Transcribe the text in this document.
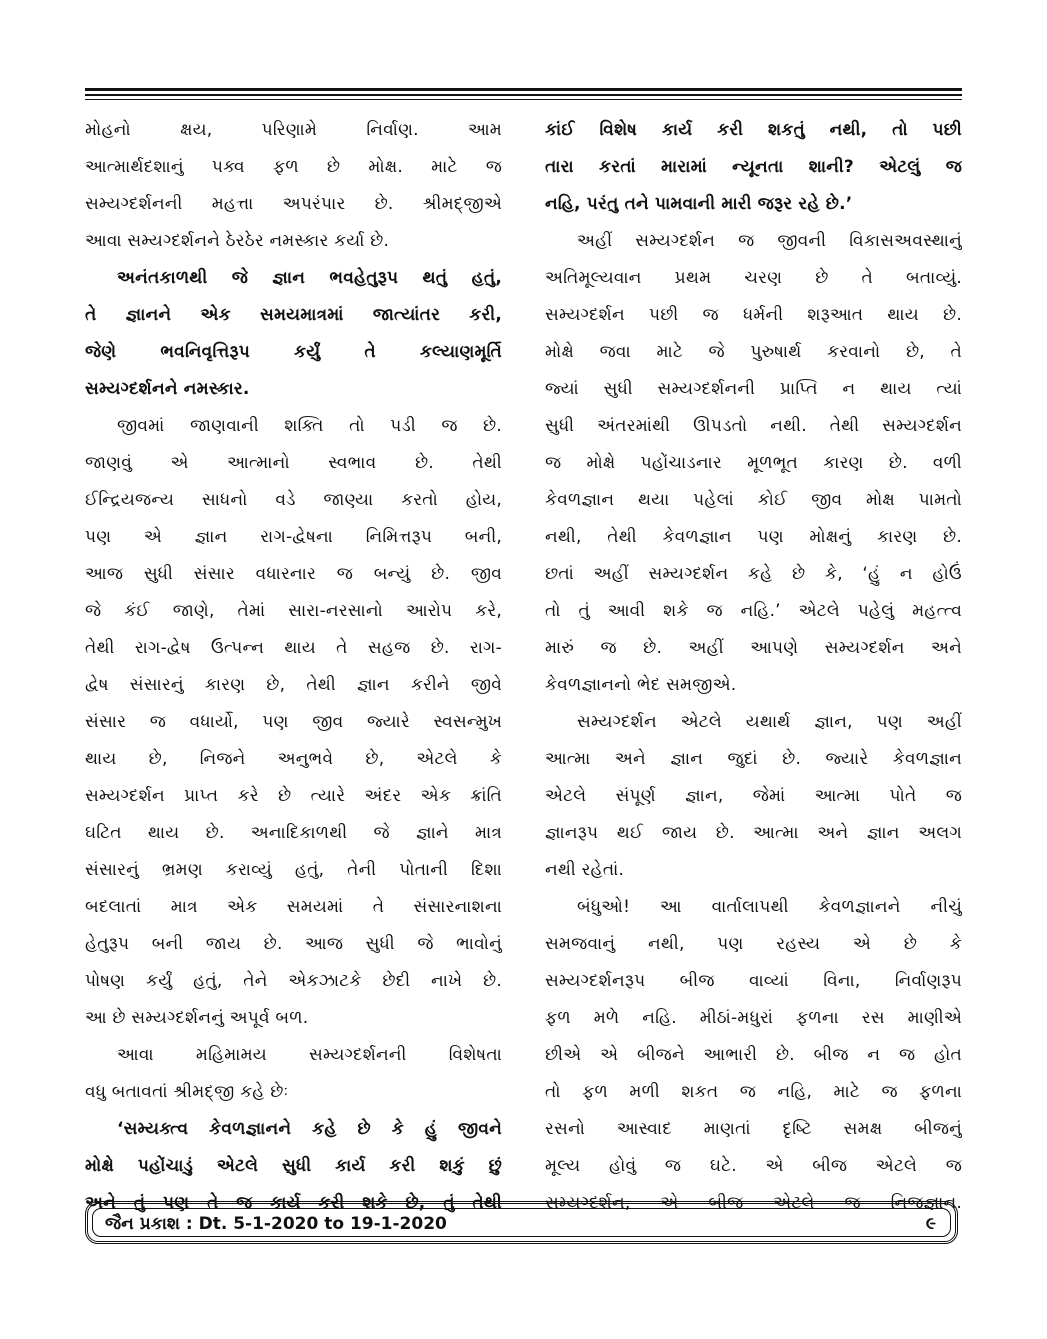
મોહનો ક્ષય, પરિણામે નિર્વાણ. આમ
આત્માર્થદશાનું પક્વ ફળ છે મોક્ષ. માટે જ
સમ્યગ્દર્શનની મહત્તા અપરંપાર છે. શ્રીમદ્જીએ
આવા સમ્યગ્દર્શનને ઠેરઠેર નમસ્કાર કર્યા છે.
અનંતકાળથી જે જ્ઞાન ભવહેતુરૂપ થતું હતું,
તે જ્ઞાનને એક સમયમાત્રમાં જાત્યાંતર કરી,
જેણે ભવનિવૃત્તિરૂપ કર્યું તે કલ્યાણમૂર્તિ
સમ્યગ્દર્શનને નમસ્કાર.
જીવમાં જાણવાની શક્તિ તો પડી જ છે.
જાણવું એ આત્માનો સ્વભાવ છે. તેથી
ઈન્દ્રિયજન્ય સાધનો વડે જાણ્યા કરતો હોય,
પણ એ જ્ઞાન રાગ-દ્વેષના નિમિત્તરૂપ બની,
આજ સુધી સંસાર વધારનાર જ બન્યું છે. જીવ
જે કંઈ જાણે, તેમાં સારા-નરસાનો આરોપ કરે,
તેથી રાગ-દ્વેષ ઉત્પન્ન થાય તે સહજ છે. રાગ-
દ્વેષ સંસારનું કારણ છે, તેથી જ્ઞાન કરીને જીવે
સંસાર જ વધાર્યો, પણ જીવ જ્યારે સ્વસન્મુખ
થાય છે, નિજને અનુભવે છે, એટલે કે
સમ્યગ્દર્શન પ્રાપ્ત કરે છે ત્યારે અંદર એક ક્રાંતિ
ઘટિત થાય છે. અનાદિકાળથી જે જ્ઞાને માત્ર
સંસારનું ભ્રમણ કરાવ્યું હતું, તેની પોતાની દિશા
બદલાતાં માત્ર એક સમયમાં તે સંસારનાશના
હેતુરૂપ બની જાય છે. આજ સુધી જે ભાવોનું
પોષણ કર્યું હતું, તેને એકઝાટકે છેદી નાખે છે.
આ છે સમ્યગ્દર્શનનું અપૂર્વ બળ.
આવા મહિમામય સમ્યગ્દર્શનની વિશેષતા
વધુ બતાવતાં શ્રીમદ્જી કહે છેઃ
‘સમ્યક્ત્વ કેવળજ્ઞાનને કહે છે કે હું જીવને
મોક્ષે પહોંચાડું એટલે સુધી કાર્ય કરી શકું છું
અને તું પણ તે જ કાર્ય કરી શકે છે, તું તેથી
કાંઈ વિશેષ કાર્ય કરી શકતું નથી, તો પછી
તારા કરતાં મારામાં ન્યૂનતા શાની? એટલું જ
નહિ, પરંતુ તને પામવાની મારી જરૂર રહે છે.’
અહીં સમ્યગ્દર્શન જ જીવની વિકાસઅવસ્થાનું
અતિમૂલ્યવાન પ્રથમ ચરણ છે તે બતાવ્યું.
સમ્યગ્દર્શન પછી જ ધર્મની શરૂઆત થાય છે.
મોક્ષે જવા માટે જે પુરુષાર્થ કરવાનો છે, તે
જ્યાં સુધી સમ્યગ્દર્શનની પ્રાપ્તિ ન થાય ત્યાં
સુધી અંતરમાંથી ઊપડતો નથી. તેથી સમ્યગ્દર્શન
જ મોક્ષે પહોંચાડનાર મૂળભૂત કારણ છે. વળી
કેવળજ્ઞાન થયા પહેલાં કોઈ જીવ મોક્ષ પામતો
નથી, તેથી કેવળજ્ઞાન પણ મોક્ષનું કારણ છે.
છતાં અહીં સમ્યગ્દર્શન કહે છે કે, ‘હું ન હોઉં
તો તું આવી શકે જ નહિ.’ એટલે પહેલું મહત્ત્વ
મારું જ છે. અહીં આપણે સમ્યગ્દર્શન અને
કેવળજ્ઞાનનો ભેદ સમજીએ.
સમ્યગ્દર્શન એટલે યથાર્થ જ્ઞાન, પણ અહીં
આત્મા અને જ્ઞાન જુદાં છે. જ્યારે કેવળજ્ઞાન
એટલે સંપૂર્ણ જ્ઞાન, જેમાં આત્મા પોતે જ
જ્ઞાનરૂપ થઈ જાય છે. આત્મા અને જ્ઞાન અલગ
નથી રહેતાં.
બંધુઓ! આ વાર્તાલાપથી કેવળજ્ઞાનને નીચું
સમજવાનું નથી, પણ રહસ્ય એ છે કે
સમ્યગ્દર્શનરૂપ બીજ વાવ્યાં વિના, નિર્વાણરૂપ
ફળ મળે નહિ. મીઠાં-મધુરાં ફળના રસ માણીએ
છીએ એ બીજને આભારી છે. બીજ ન જ હોત
તો ફળ મળી શકત જ નહિ, માટે જ ફળના
રસનો આસ્વાદ માણતાં દૃષ્ટિ સમક્ષ બીજનું
મૂલ્ય હોવું જ ઘટે. એ બીજ એટલે જ
સમ્યગ્દર્શન, એ બીજ એટલે જ નિજજ્ઞાન.
જૈન પ્રકાશ : Dt. 5-1-2020 to 19-1-2020	૯
